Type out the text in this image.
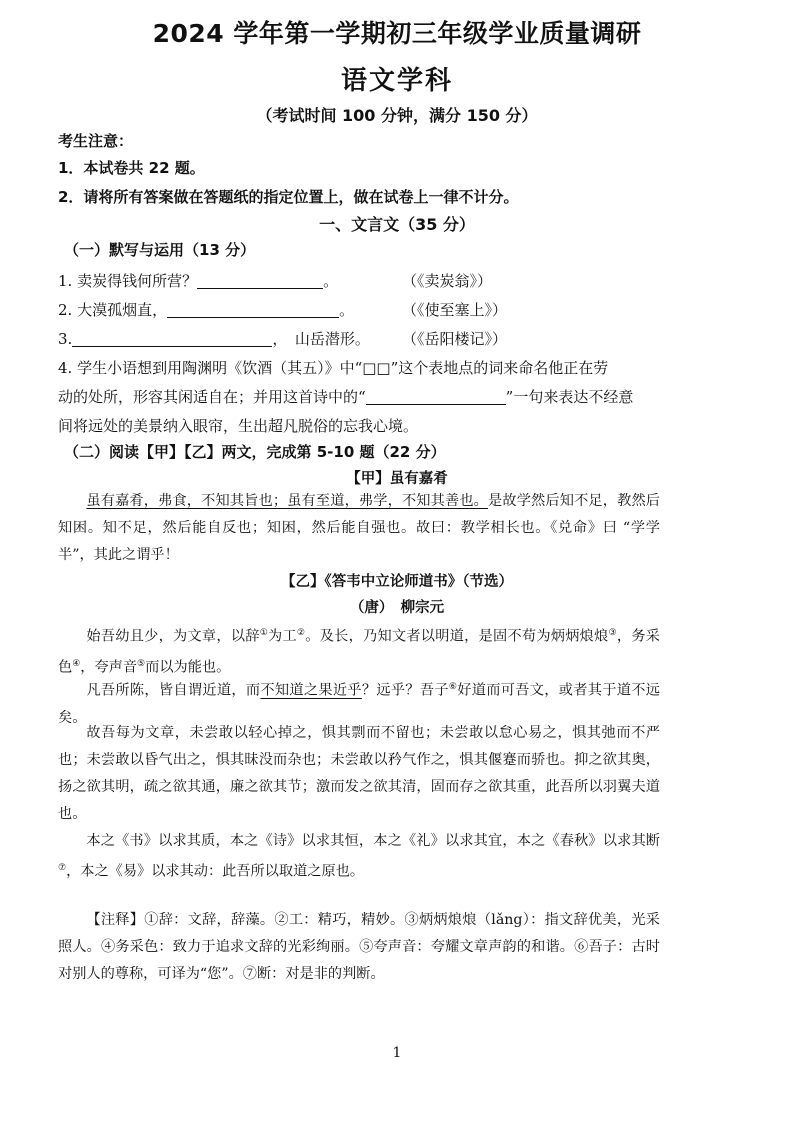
2024 学年第一学期初三年级学业质量调研
语文学科
（考试时间 100 分钟，满分 150 分）
考生注意：
1．本试卷共 22 题。
2．请将所有答案做在答题纸的指定位置上，做在试卷上一律不计分。
一、文言文（35 分）
（一）默写与运用（13 分）
1. 卖炭得钱何所营？	。	（《卖炭翁》）
2. 大漠孤烟直，	。	（《使至塞上》）
3.	，　山岳潜形。 （《岳阳楼记》）
4. 学生小语想到用陶渊明《饮酒（其五）》中“□□”这个表地点的词来命名他正在劳
动的处所，形容其闲适自在；并用这首诗中的“	”一句来表达不经意
间将远处的美景纳入眼帘，生出超凡脱俗的忘我心境。
（二）阅读【甲】【乙】两文，完成第 5-10 题（22 分）
【甲】虽有嘉肴
虽有嘉肴，弗食，不知其旨也；虽有至道，弗学，不知其善也。是故学然后知不足，教然后知困。知不足，然后能自反也；知困，然后能自强也。故曰：教学相长也。《兑命》曰 “学学半”，其此之谓乎！
【乙】《答韦中立论师道书》（节选）
（唐）　柳宗元
始吾幼且少，为文章，以辞①为工②。及长，乃知文者以明道，是固不苟为炳炳烺烺③，务采色④，夸声音⑤而以为能也。
凡吾所陈，皆自谓近道，而不知道之果近乎？远乎？吾子⑥好道而可吾文，或者其于道不远矣。
故吾每为文章，未尝敢以轻心掉之，惧其剽而不留也；未尝敢以怠心易之，惧其弛而不严也；未尝敢以昏气出之，惧其昧没而杂也；未尝敢以矜气作之，惧其偃蹇而骄也。抑之欲其奥，扬之欲其明，疏之欲其通，廉之欲其节；激而发之欲其清，固而存之欲其重，此吾所以羽翼夫道也。
本之《书》以求其质，本之《诗》以求其恒，本之《礼》以求其宜，本之《春秋》以求其断⑦，本之《易》以求其动：此吾所以取道之原也。
【注释】①辞：文辞，辞藻。②工：精巧，精妙。③炳炳烺烺（lǎng）：指文辞优美，光采照人。④务采色：致力于追求文辞的光彩绚丽。⑤夸声音：夸耀文章声韵的和谐。⑥吾子：古时对别人的尊称，可译为“您”。⑦断：对是非的判断。
1
